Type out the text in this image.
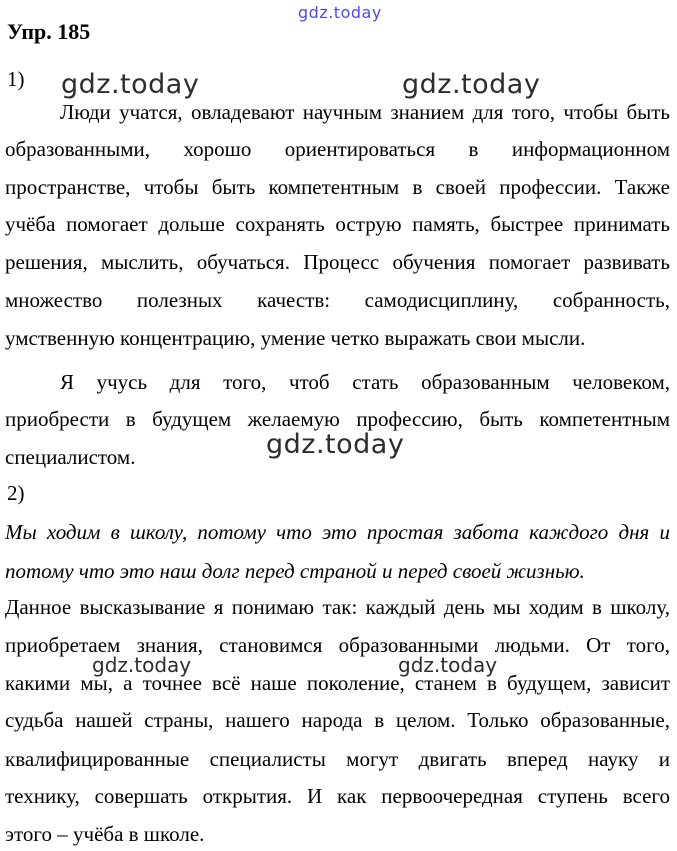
gdz.today
Упр. 185
1)
Люди учатся, овладевают научным знанием для того, чтобы быть
образованными, хорошо ориентироваться в информационном
пространстве, чтобы быть компетентным в своей профессии. Также
учёба помогает дольше сохранять острую память, быстрее принимать
решения, мыслить, обучаться. Процесс обучения помогает развивать
множество полезных качеств: самодисциплину, собранность,
умственную концентрацию, умение четко выражать свои мысли.
Я учусь для того, чтоб стать образованным человеком,
приобрести в будущем желаемую профессию, быть компетентным
специалистом.
2)
Мы ходим в школу, потому что это простая забота каждого дня и
потому что это наш долг перед страной и перед своей жизнью.
Данное высказывание я понимаю так: каждый день мы ходим в школу,
приобретаем знания, становимся образованными людьми. От того,
какими мы, а точнее всё наше поколение, станем в будущем, зависит
судьба нашей страны, нашего народа в целом. Только образованные,
квалифицированные специалисты могут двигать вперед науку и
технику, совершать открытия. И как первоочередная ступень всего
этого – учёба в школе.
gdz.today	gdz.today
gdz.today
gdz.today	gdz.today
